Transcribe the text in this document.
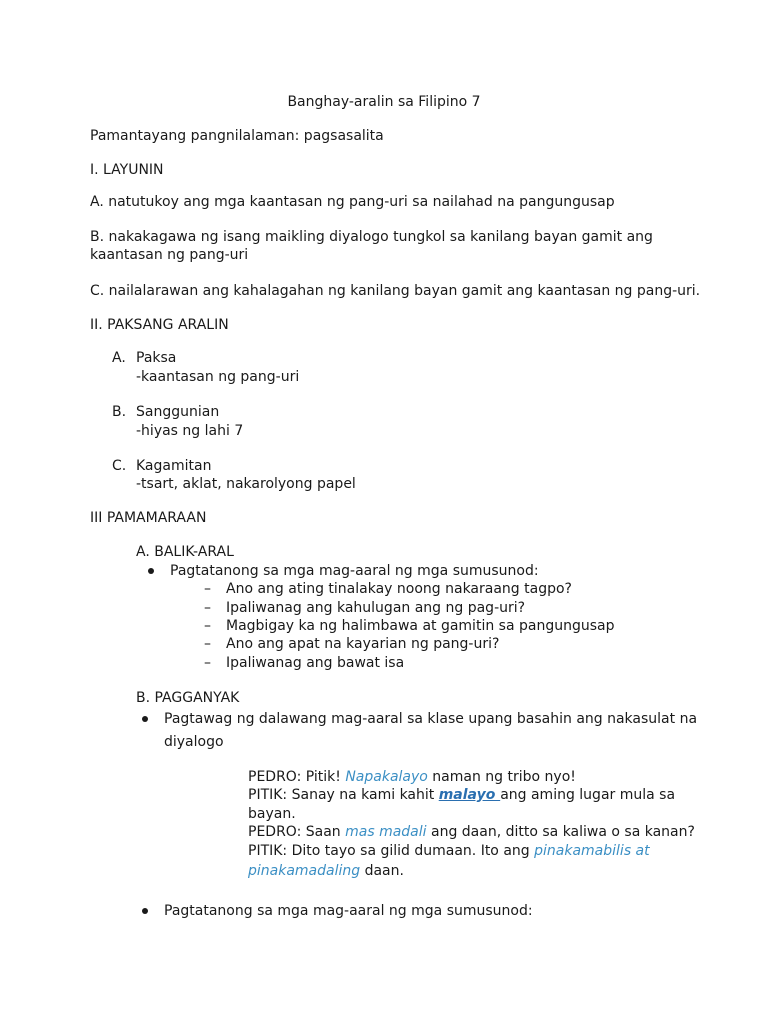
Banghay-aralin sa Filipino 7
Pamantayang pangnilalaman: pagsasalita
I. LAYUNIN
A. natutukoy ang mga kaantasan ng pang-uri sa nailahad na pangungusap
B. nakakagawa ng isang maikling diyalogo tungkol sa kanilang bayan gamit ang
kaantasan ng pang-uri
C. nailalarawan ang kahalagahan ng kanilang bayan gamit ang kaantasan ng pang-uri.
II. PAKSANG ARALIN
A. Paksa
-kaantasan ng pang-uri
B. Sanggunian
-hiyas ng lahi 7
C. Kagamitan
-tsart, aklat, nakarolyong papel
III PAMAMARAAN
A. BALIK-ARAL
Pagtatanong sa mga mag-aaral ng mga sumusunod:
– Ano ang ating tinalakay noong nakaraang tagpo?
– Ipaliwanag ang kahulugan ang ng pag-uri?
– Magbigay ka ng halimbawa at gamitin sa pangungusap
– Ano ang apat na kayarian ng pang-uri?
– Ipaliwanag ang bawat isa
B. PAGGANYAK
Pagtawag ng dalawang mag-aaral sa klase upang basahin ang nakasulat na
diyalogo
PEDRO: Pitik! Napakalayo naman ng tribo nyo!
PITIK: Sanay na kami kahit malayo ang aming lugar mula sa
bayan.
PEDRO: Saan mas madali ang daan, ditto sa kaliwa o sa kanan?
PITIK: Dito tayo sa gilid dumaan. Ito ang pinakamabilis at
pinakamadaling daan.
Pagtatanong sa mga mag-aaral ng mga sumusunod:
